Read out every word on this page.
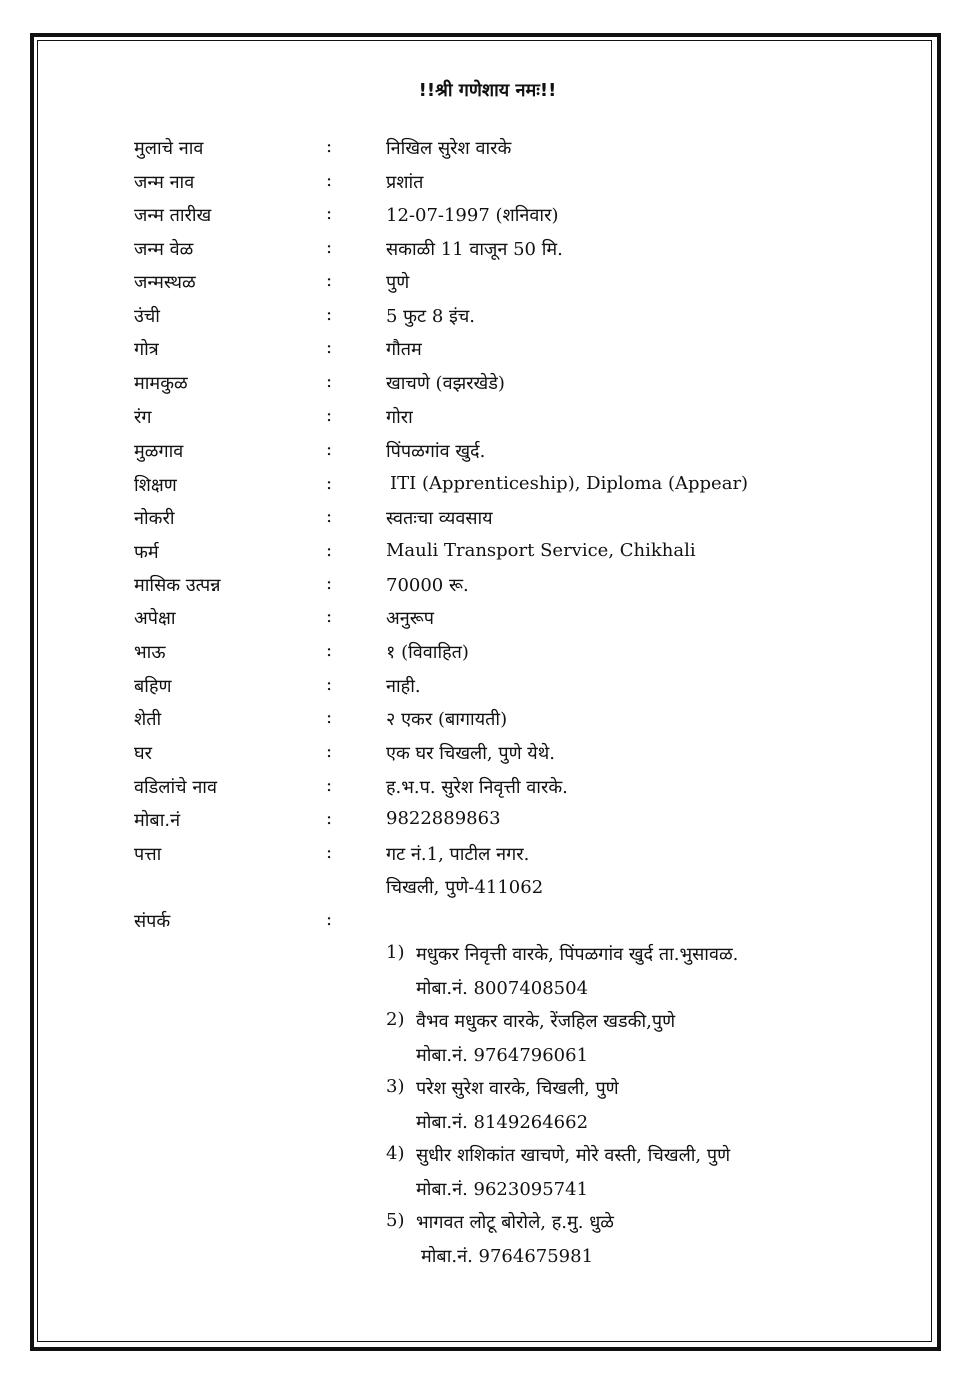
!!श्री गणेशाय नमः!!
मुलाचे नाव	:	निखिल सुरेश वारके
जन्म नाव	:	प्रशांत
जन्म तारीख	:	12-07-1997 (शनिवार)
जन्म वेळ	:	सकाळी 11 वाजून 50 मि.
जन्मस्थळ	:	पुणे
उंची	:	5 फुट 8 इंच.
गोत्र	:	गौतम
मामकुळ	:	खाचणे (वझरखेडे)
रंग	:	गोरा
मुळगाव	:	पिंपळगांव खुर्द.
शिक्षण	:	ITI (Apprenticeship), Diploma (Appear)
नोकरी	:	स्वतःचा व्यवसाय
फर्म	:	Mauli Transport Service, Chikhali
मासिक उत्पन्न	:	70000 रू.
अपेक्षा	:	अनुरूप
भाऊ	:	१ (विवाहित)
बहिण	:	नाही.
शेती	:	२ एकर (बागायती)
घर	:	एक घर चिखली, पुणे येथे.
वडिलांचे नाव	:	ह.भ.प. सुरेश निवृत्ती वारके.
मोबा.नं	:	9822889863
पत्ता	:	गट नं.1, पाटील नगर.
चिखली, पुणे-411062
संपर्क	:
1) मधुकर निवृत्ती वारके, पिंपळगांव खुर्द ता.भुसावळ.
मोबा.नं. 8007408504
2) वैभव मधुकर वारके, रेंजहिल खडकी,पुणे
मोबा.नं. 9764796061
3) परेश सुरेश वारके, चिखली, पुणे
मोबा.नं. 8149264662
4) सुधीर शशिकांत खाचणे, मोरे वस्ती, चिखली, पुणे
मोबा.नं. 9623095741
5) भागवत लोटू बोरोले, ह.मु. धुळे
मोबा.नं. 9764675981
